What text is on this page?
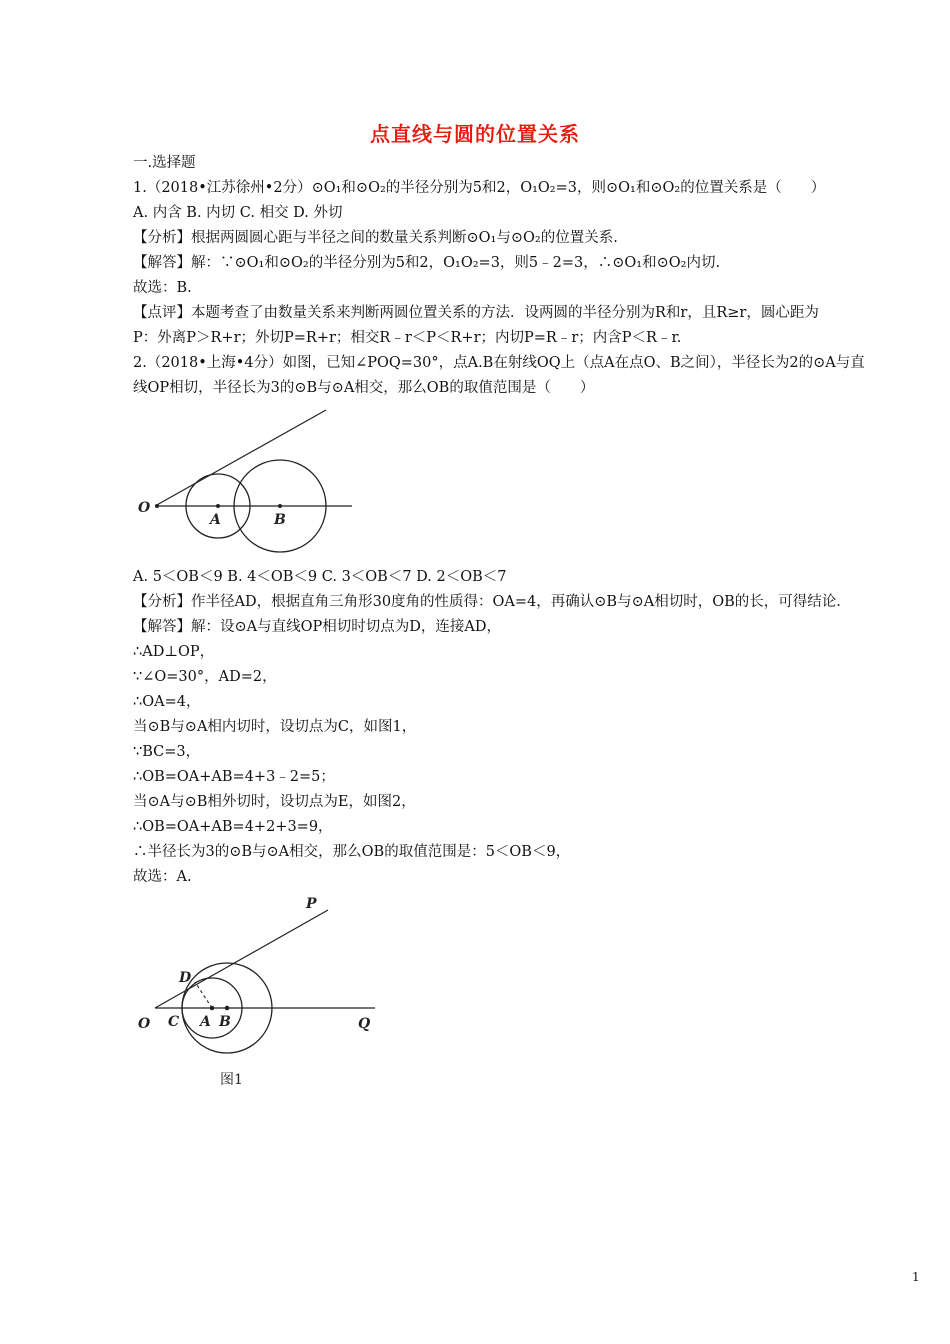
点直线与圆的位置关系
一.选择题
1.（2018•江苏徐州•2分）⊙O₁和⊙O₂的半径分别为5和2，O₁O₂=3，则⊙O₁和⊙O₂的位置关系是（　　）
A. 内含 B. 内切 C. 相交 D. 外切
【分析】根据两圆圆心距与半径之间的数量关系判断⊙O₁与⊙O₂的位置关系.
【解答】解：∵⊙O₁和⊙O₂的半径分别为5和2，O₁O₂=3，则5﹣2=3，∴⊙O₁和⊙O₂内切.
故选：B.
【点评】本题考查了由数量关系来判断两圆位置关系的方法．设两圆的半径分别为R和r，且R≥r，圆心距为
P：外离P＞R+r；外切P=R+r；相交R﹣r＜P＜R+r；内切P=R﹣r；内含P＜R﹣r.
2.（2018•上海•4分）如图，已知∠POQ=30°，点A.B在射线OQ上（点A在点O、B之间），半径长为2的⊙A与直
线OP相切，半径长为3的⊙B与⊙A相交，那么OB的取值范围是（　　）
O
A	B
A. 5＜OB＜9 B. 4＜OB＜9 C. 3＜OB＜7 D. 2＜OB＜7
【分析】作半径AD，根据直角三角形30度角的性质得：OA=4，再确认⊙B与⊙A相切时，OB的长，可得结论.
【解答】解：设⊙A与直线OP相切时切点为D，连接AD，
∴AD⊥OP，
∵∠O=30°，AD=2，
∴OA=4，
当⊙B与⊙A相内切时，设切点为C，如图1，
∵BC=3，
∴OB=OA+AB=4+3﹣2=5；
当⊙A与⊙B相外切时，设切点为E，如图2，
∴OB=OA+AB=4+2+3=9，
∴半径长为3的⊙B与⊙A相交，那么OB的取值范围是：5＜OB＜9，
故选：A.
O C A B
D
P
Q
图1
1
